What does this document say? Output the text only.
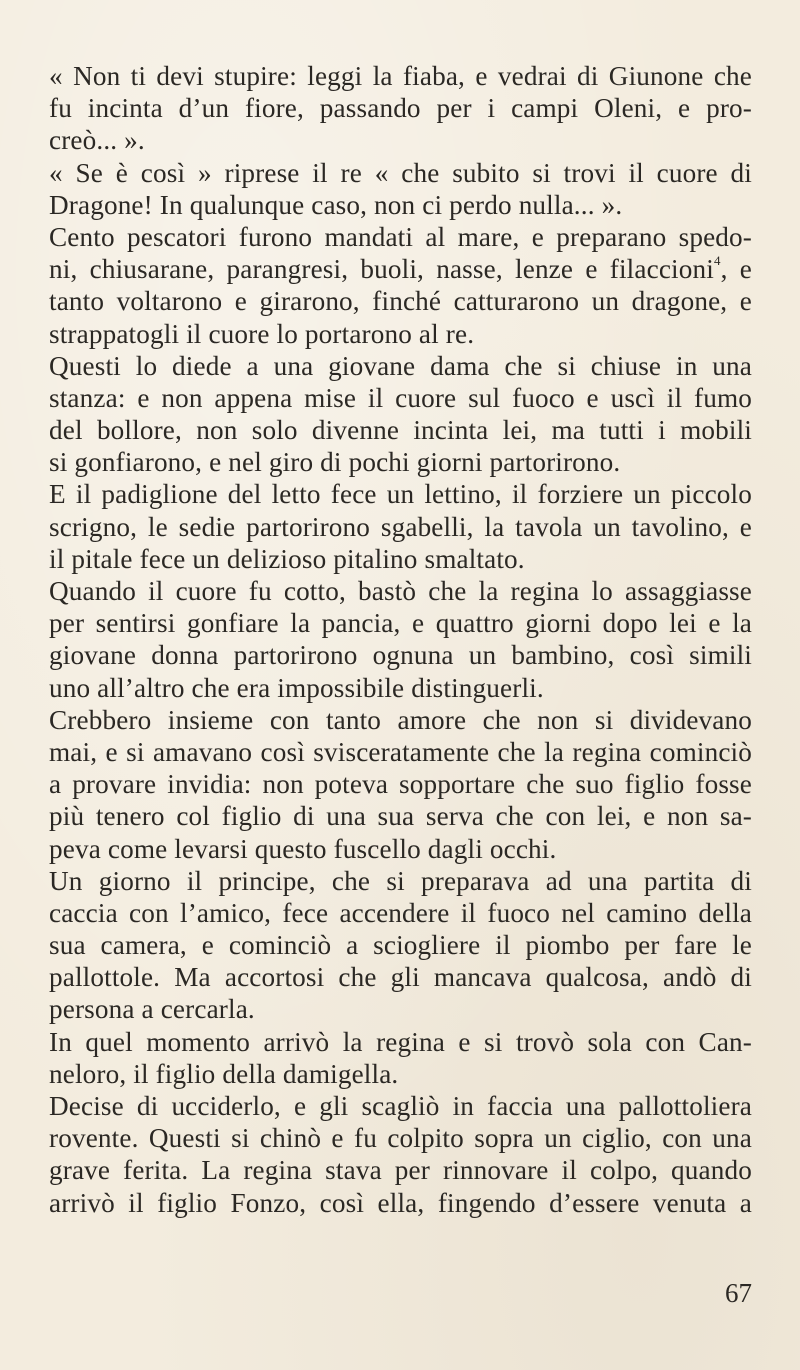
« Non ti devi stupire: leggi la fiaba, e vedrai di Giunone che
fu incinta d’un fiore, passando per i campi Oleni, e pro-
creò... ».
« Se è così » riprese il re « che subito si trovi il cuore di
Dragone! In qualunque caso, non ci perdo nulla... ».
Cento pescatori furono mandati al mare, e preparano spedo-
ni, chiusarane, parangresi, buoli, nasse, lenze e filaccioni$^4$, e
tanto voltarono e girarono, finché catturarono un dragone, e
strappatogli il cuore lo portarono al re.
Questi lo diede a una giovane dama che si chiuse in una
stanza: e non appena mise il cuore sul fuoco e uscì il fumo
del bollore, non solo divenne incinta lei, ma tutti i mobili
si gonfiarono, e nel giro di pochi giorni partorirono.
E il padiglione del letto fece un lettino, il forziere un piccolo
scrigno, le sedie partorirono sgabelli, la tavola un tavolino, e
il pitale fece un delizioso pitalino smaltato.
Quando il cuore fu cotto, bastò che la regina lo assaggiasse
per sentirsi gonfiare la pancia, e quattro giorni dopo lei e la
giovane donna partorirono ognuna un bambino, così simili
uno all’altro che era impossibile distinguerli.
Crebbero insieme con tanto amore che non si dividevano
mai, e si amavano così svisceratamente che la regina cominciò
a provare invidia: non poteva sopportare che suo figlio fosse
più tenero col figlio di una sua serva che con lei, e non sa-
peva come levarsi questo fuscello dagli occhi.
Un giorno il principe, che si preparava ad una partita di
caccia con l’amico, fece accendere il fuoco nel camino della
sua camera, e cominciò a sciogliere il piombo per fare le
pallottole. Ma accortosi che gli mancava qualcosa, andò di
persona a cercarla.
In quel momento arrivò la regina e si trovò sola con Can-
neloro, il figlio della damigella.
Decise di ucciderlo, e gli scagliò in faccia una pallottoliera
rovente. Questi si chinò e fu colpito sopra un ciglio, con una
grave ferita. La regina stava per rinnovare il colpo, quando
arrivò il figlio Fonzo, così ella, fingendo d’essere venuta a
67
